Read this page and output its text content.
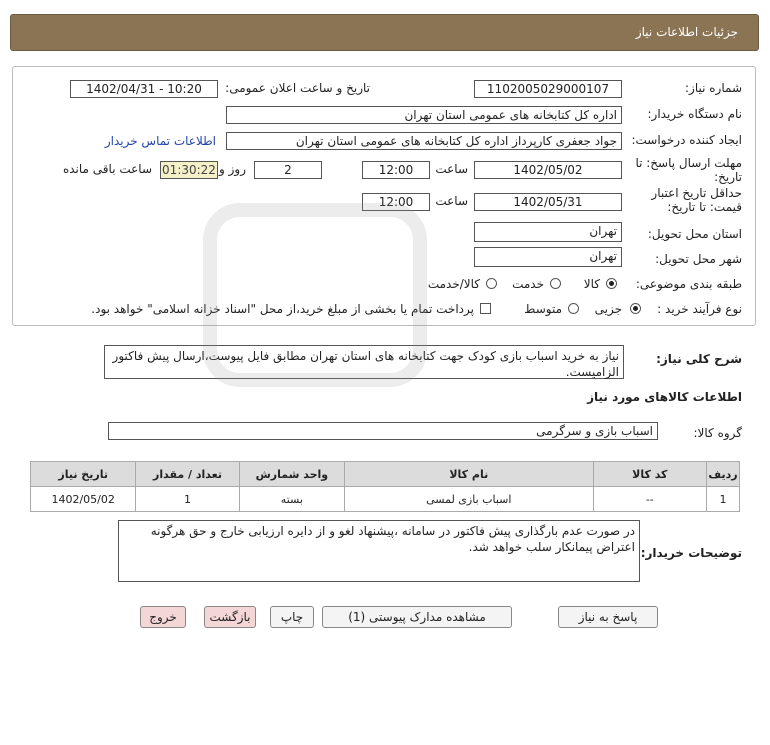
جزئیات اطلاعات نیاز
شماره نیاز:
1102005029000107
تاریخ و ساعت اعلان عمومی:
1402/04/31 - 10:20
نام دستگاه خریدار:
اداره کل کتابخانه های عمومی استان تهران
ایجاد کننده درخواست:
جواد جعفری کارپرداز اداره کل کتابخانه های عمومی استان تهران
اطلاعات تماس خریدار
مهلت ارسال پاسخ: تا تاریخ:
1402/05/02
ساعت
12:00
2
روز و
01:30:22
ساعت باقی مانده
حداقل تاریخ اعتبار قیمت: تا تاریخ:
1402/05/31
ساعت
12:00
استان محل تحویل:
تهران
شهر محل تحویل:
تهران
طبقه بندی موضوعی:
کالا
خدمت
کالا/خدمت
نوع فرآیند خرید :
جزیی
متوسط
پرداخت تمام یا بخشی از مبلغ خرید،از محل "اسناد خزانه اسلامی" خواهد بود.
شرح کلی نیاز:
نیاز به خرید اسباب بازی کودک جهت کتابخانه های استان تهران مطابق فایل پیوست،ارسال پیش فاکتور الزامیست.
اطلاعات کالاهای مورد نیاز
گروه کالا:
اسباب بازی و سرگرمی
ردیف	کد کالا	نام کالا	واحد شمارش	تعداد / مقدار	تاریخ نیاز
1	--	اسباب بازی لمسی	بسته	1	1402/05/02
توضیحات خریدار:
در صورت عدم بارگذاری پیش فاکتور در سامانه ،پیشنهاد لغو و از دایره ارزیابی خارج و حق هرگونه اعتراض پیمانکار سلب خواهد شد.
پاسخ به نیاز
مشاهده مدارک پیوستی (1)
چاپ
بازگشت
خروج
